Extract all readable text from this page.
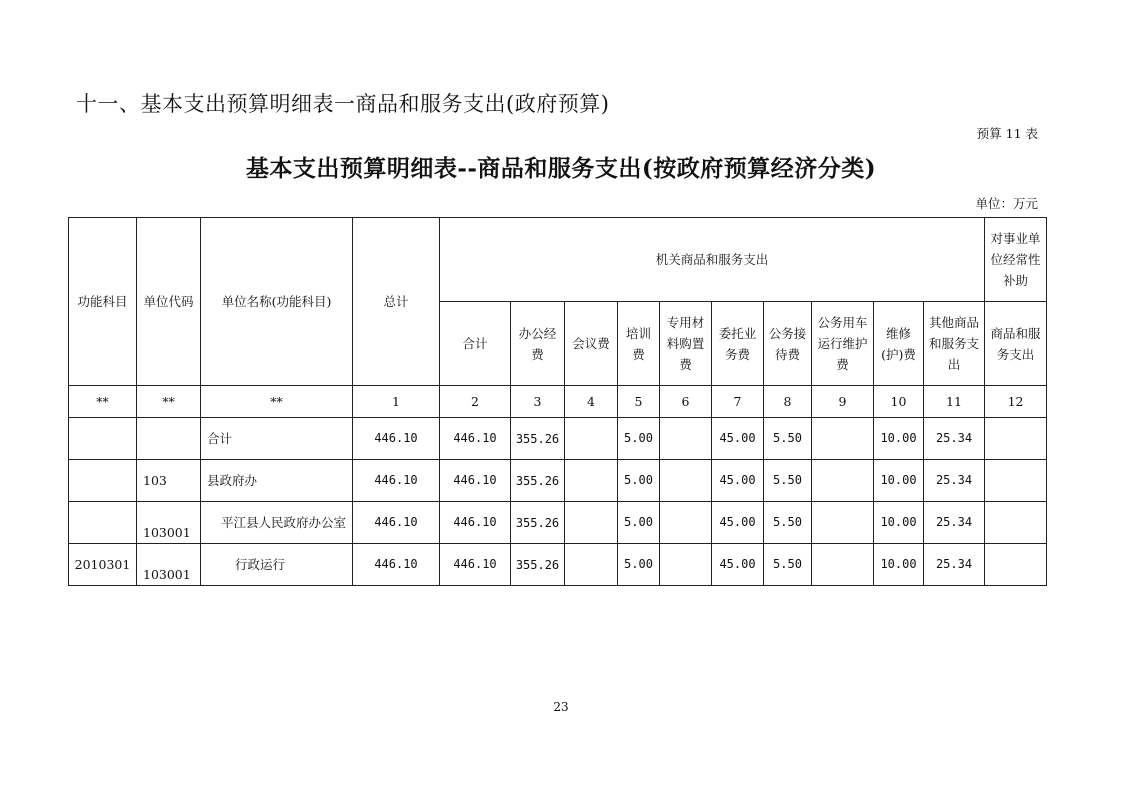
十一、基本支出预算明细表一商品和服务支出(政府预算)
预算 11 表
基本支出预算明细表--商品和服务支出(按政府预算经济分类)
单位：万元
功能科目	单位代码	单位名称(功能科目)	总计	机关商品和服务支出										对事业单位经常性补助
				合计	办公经费	会议费	培训费	专用材料购置费	委托业务费	公务接待费	公务用车运行维护费	维修(护)费	其他商品和服务支出	商品和服务支出
**	**	**	1	2	3	4	5	6	7	8	9	10	11	12
		合计	446.10	446.10	355.26		5.00		45.00	5.50		10.00	25.34	
	103	县政府办	446.10	446.10	355.26		5.00		45.00	5.50		10.00	25.34	
	103001	平江县人民政府办公室	446.10	446.10	355.26		5.00		45.00	5.50		10.00	25.34	
2010301	103001	行政运行	446.10	446.10	355.26		5.00		45.00	5.50		10.00	25.34	
23
